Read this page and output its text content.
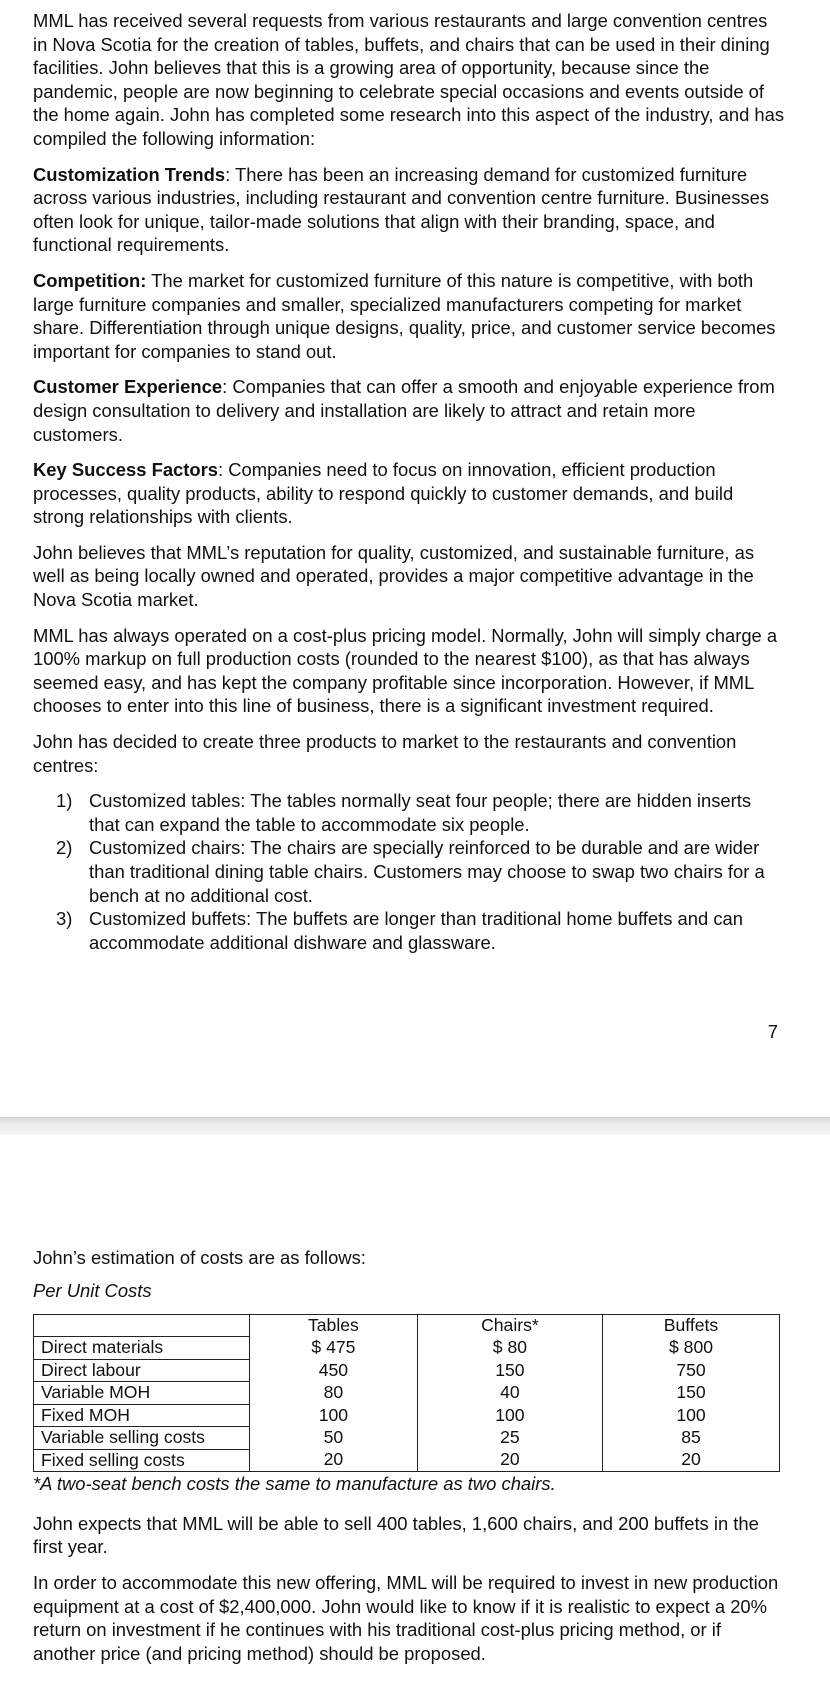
MML has received several requests from various restaurants and large convention centres in Nova Scotia for the creation of tables, buffets, and chairs that can be used in their dining facilities. John believes that this is a growing area of opportunity, because since the pandemic, people are now beginning to celebrate special occasions and events outside of the home again. John has completed some research into this aspect of the industry, and has compiled the following information:

Customization Trends: There has been an increasing demand for customized furniture across various industries, including restaurant and convention centre furniture. Businesses often look for unique, tailor-made solutions that align with their branding, space, and functional requirements.

Competition: The market for customized furniture of this nature is competitive, with both large furniture companies and smaller, specialized manufacturers competing for market share. Differentiation through unique designs, quality, price, and customer service becomes important for companies to stand out.

Customer Experience: Companies that can offer a smooth and enjoyable experience from design consultation to delivery and installation are likely to attract and retain more customers.

Key Success Factors: Companies need to focus on innovation, efficient production processes, quality products, ability to respond quickly to customer demands, and build strong relationships with clients.

John believes that MML’s reputation for quality, customized, and sustainable furniture, as well as being locally owned and operated, provides a major competitive advantage in the Nova Scotia market.

MML has always operated on a cost-plus pricing model. Normally, John will simply charge a 100% markup on full production costs (rounded to the nearest $100), as that has always seemed easy, and has kept the company profitable since incorporation. However, if MML chooses to enter into this line of business, there is a significant investment required.

John has decided to create three products to market to the restaurants and convention centres:

1) Customized tables: The tables normally seat four people; there are hidden inserts that can expand the table to accommodate six people.
2) Customized chairs: The chairs are specially reinforced to be durable and are wider than traditional dining table chairs. Customers may choose to swap two chairs for a bench at no additional cost.
3) Customized buffets: The buffets are longer than traditional home buffets and can accommodate additional dishware and glassware.
7

John’s estimation of costs are as follows:

Per Unit Costs

	Tables	Chairs*	Buffets
Direct materials	$ 475	$ 80	$ 800
Direct labour	450	150	750
Variable MOH	80	40	150
Fixed MOH	100	100	100
Variable selling costs	50	25	85
Fixed selling costs	20	20	20

*A two-seat bench costs the same to manufacture as two chairs.

John expects that MML will be able to sell 400 tables, 1,600 chairs, and 200 buffets in the first year.

In order to accommodate this new offering, MML will be required to invest in new production equipment at a cost of $2,400,000. John would like to know if it is realistic to expect a 20% return on investment if he continues with his traditional cost-plus pricing method, or if another price (and pricing method) should be proposed.
